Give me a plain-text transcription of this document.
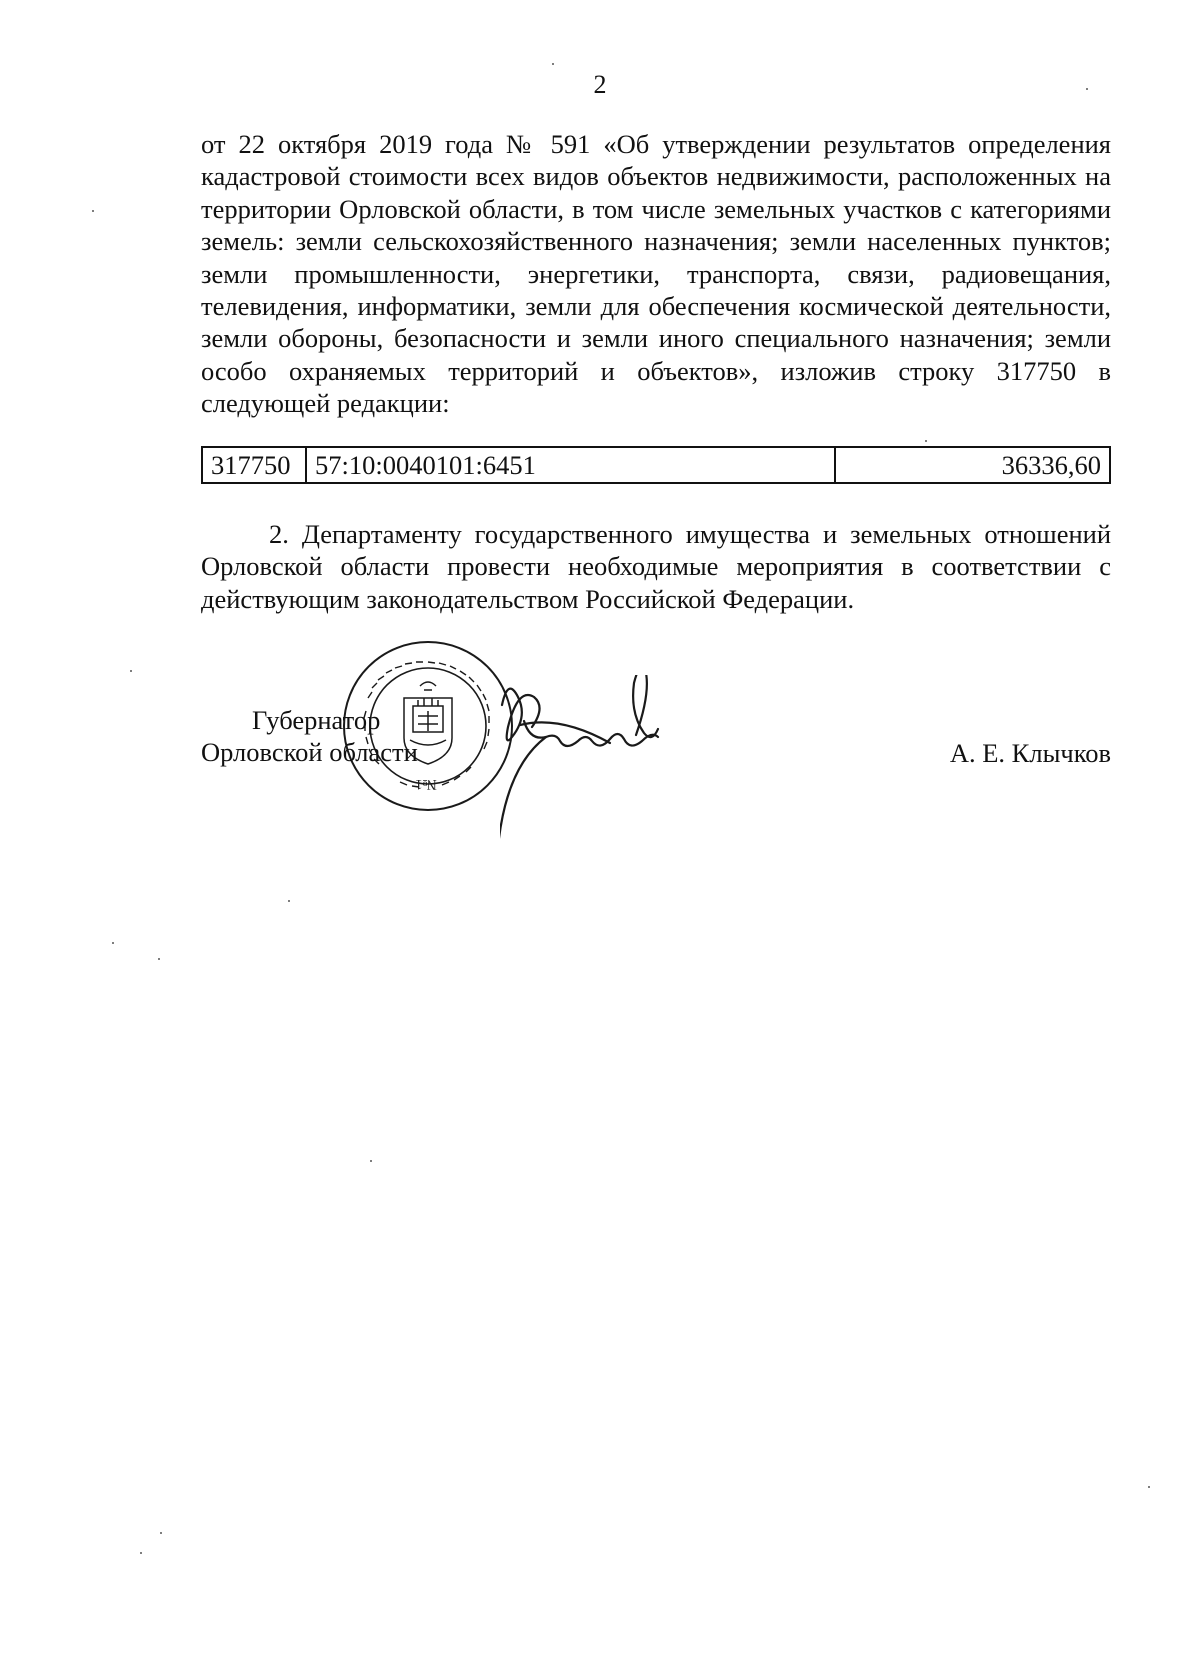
2

от 22 октября 2019 года № 591 «Об утверждении результатов определения кадастровой стоимости всех видов объектов недвижимости, расположенных на территории Орловской области, в том числе земельных участков с категориями земель: земли сельскохозяйственного назначения; земли населенных пунктов; земли промышленности, энергетики, транспорта, связи, радиовещания, телевидения, информатики, земли для обеспечения космической деятельности, земли обороны, безопасности и земли иного специального назначения; земли особо охраняемых территорий и объектов», изложив строку 317750 в следующей редакции:

317750	57:10:0040101:6451	36336,60

2. Департаменту государственного имущества и земельных отношений Орловской области провести необходимые мероприятия в соответствии с действующим законодательством Российской Федерации.

№1
Губернатор
Орловской области	А. Е. Клычков
